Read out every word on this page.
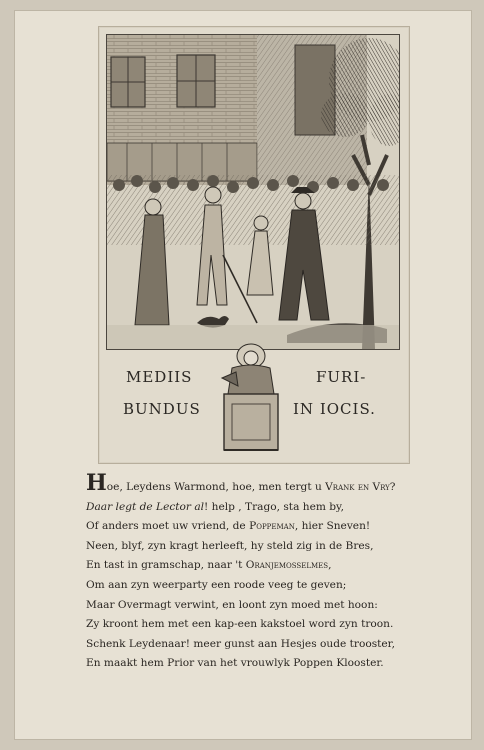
MEDIIS	FURI-
BUNDUS	IN IOCIS.
Hoe, Leydens Warmond, hoe, men tergt u Vrank en Vry?
Daar legt de Lector al! help , Trago, sta hem by,
Of anders moet uw vriend, de Poppeman, hier Sneven!
Neen, blyf, zyn kragt herleeft, hy steld zig in de Bres,
En tast in gramschap, naar 't Oranjemosselmes,
Om aan zyn weerparty een roode veeg te geven;
Maar Overmagt verwint, en loont zyn moed met hoon:
Zy kroont hem met een kap-een kakstoel word zyn troon.
Schenk Leydenaar! meer gunst aan Hesjes oude trooster,
En maakt hem Prior van het vrouwlyk Poppen Klooster.
